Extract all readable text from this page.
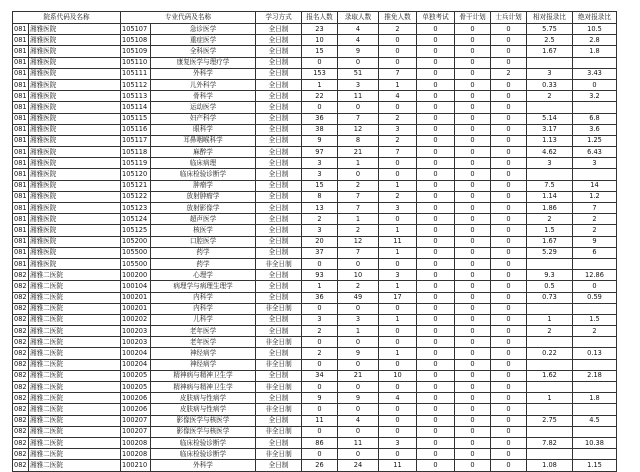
院系代码及名称		专业代码及名称		学习方式	报名人数	录取人数	推免人数	单独考试	骨干计划	士兵计划	相对报录比	绝对报录比
081	湘雅医院	105107	急诊医学	全日制	23	4	2	0	0	0	5.75	10.5
081	湘雅医院	105108	重症医学	全日制	10	4	0	0	0	0	2.5	2.8
081	湘雅医院	105109	全科医学	全日制	15	9	0	0	0	0	1.67	1.8
081	湘雅医院	105110	康复医学与理疗学	全日制	0	0	0	0	0	0		
081	湘雅医院	105111	外科学	全日制	153	51	7	0	0	2	3	3.43
081	湘雅医院	105112	儿外科学	全日制	1	3	1	0	0	0	0.33	0
081	湘雅医院	105113	骨科学	全日制	22	11	4	0	0	0	2	3.2
081	湘雅医院	105114	运动医学	全日制	0	0	0	0	0	0		
081	湘雅医院	105115	妇产科学	全日制	36	7	2	0	0	0	5.14	6.8
081	湘雅医院	105116	眼科学	全日制	38	12	3	0	0	0	3.17	3.6
081	湘雅医院	105117	耳鼻咽喉科学	全日制	9	8	2	0	0	0	1.13	1.25
081	湘雅医院	105118	麻醉学	全日制	97	21	7	0	0	0	4.62	6.43
081	湘雅医院	105119	临床病理	全日制	3	1	0	0	0	0	3	3
081	湘雅医院	105120	临床检验诊断学	全日制	3	0	0	0	0	0		
081	湘雅医院	105121	肿瘤学	全日制	15	2	1	0	0	0	7.5	14
081	湘雅医院	105122	放射肿瘤学	全日制	8	7	2	0	0	0	1.14	1.2
081	湘雅医院	105123	放射影像学	全日制	13	7	3	0	0	0	1.86	7
081	湘雅医院	105124	超声医学	全日制	2	1	0	0	0	0	2	2
081	湘雅医院	105125	核医学	全日制	3	2	1	0	0	0	1.5	2
081	湘雅医院	105200	口腔医学	全日制	20	12	11	0	0	0	1.67	9
081	湘雅医院	105500	药学	全日制	37	7	1	0	0	0	5.29	6
081	湘雅医院	105500	药学	非全日制	0	0	0	0	0	0		
082	湘雅二医院	100200	心理学	全日制	93	10	3	0	0	0	9.3	12.86
082	湘雅二医院	100104	病理学与病理生理学	全日制	1	2	1	0	0	0	0.5	0
082	湘雅二医院	100201	内科学	全日制	36	49	17	0	0	0	0.73	0.59
082	湘雅二医院	100201	内科学	非全日制	0	0	0	0	0	0		
082	湘雅二医院	100202	儿科学	全日制	3	3	1	0	0	0	1	1.5
082	湘雅二医院	100203	老年医学	全日制	2	1	0	0	0	0	2	2
082	湘雅二医院	100203	老年医学	非全日制	0	0	0	0	0	0		
082	湘雅二医院	100204	神经病学	全日制	2	9	1	0	0	0	0.22	0.13
082	湘雅二医院	100204	神经病学	非全日制	0	0	0	0	0	0		
082	湘雅二医院	100205	精神病与精神卫生学	全日制	34	21	10	0	0	0	1.62	2.18
082	湘雅二医院	100205	精神病与精神卫生学	非全日制	0	0	0	0	0	0		
082	湘雅二医院	100206	皮肤病与性病学	全日制	9	9	4	0	0	0	1	1.8
082	湘雅二医院	100206	皮肤病与性病学	非全日制	0	0	0	0	0	0		
082	湘雅二医院	100207	影像医学与核医学	全日制	11	4	0	0	0	0	2.75	4.5
082	湘雅二医院	100207	影像医学与核医学	非全日制	0	0	0	0	0	0		
082	湘雅二医院	100208	临床检验诊断学	全日制	86	11	3	0	0	0	7.82	10.38
082	湘雅二医院	100208	临床检验诊断学	非全日制	0	0	0	0	0	0		
082	湘雅二医院	100210	外科学	全日制	26	24	11	0	0	0	1.08	1.15
